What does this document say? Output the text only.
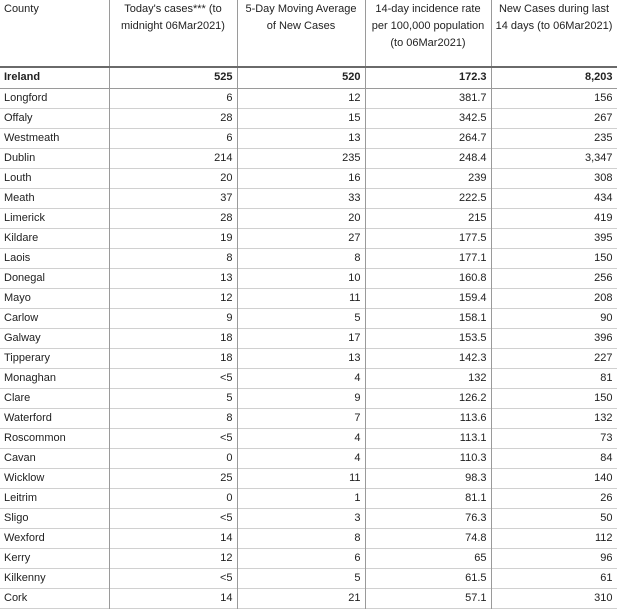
County	Today's cases*** (to midnight 06Mar2021)	5-Day Moving Average of New Cases	14-day incidence rate per 100,000 population (to 06Mar2021)	New Cases during last 14 days (to 06Mar2021)
Ireland	525	520	172.3	8,203
Longford	6	12	381.7	156
Offaly	28	15	342.5	267
Westmeath	6	13	264.7	235
Dublin	214	235	248.4	3,347
Louth	20	16	239	308
Meath	37	33	222.5	434
Limerick	28	20	215	419
Kildare	19	27	177.5	395
Laois	8	8	177.1	150
Donegal	13	10	160.8	256
Mayo	12	11	159.4	208
Carlow	9	5	158.1	90
Galway	18	17	153.5	396
Tipperary	18	13	142.3	227
Monaghan	<5	4	132	81
Clare	5	9	126.2	150
Waterford	8	7	113.6	132
Roscommon	<5	4	113.1	73
Cavan	0	4	110.3	84
Wicklow	25	11	98.3	140
Leitrim	0	1	81.1	26
Sligo	<5	3	76.3	50
Wexford	14	8	74.8	112
Kerry	12	6	65	96
Kilkenny	<5	5	61.5	61
Cork	14	21	57.1	310
